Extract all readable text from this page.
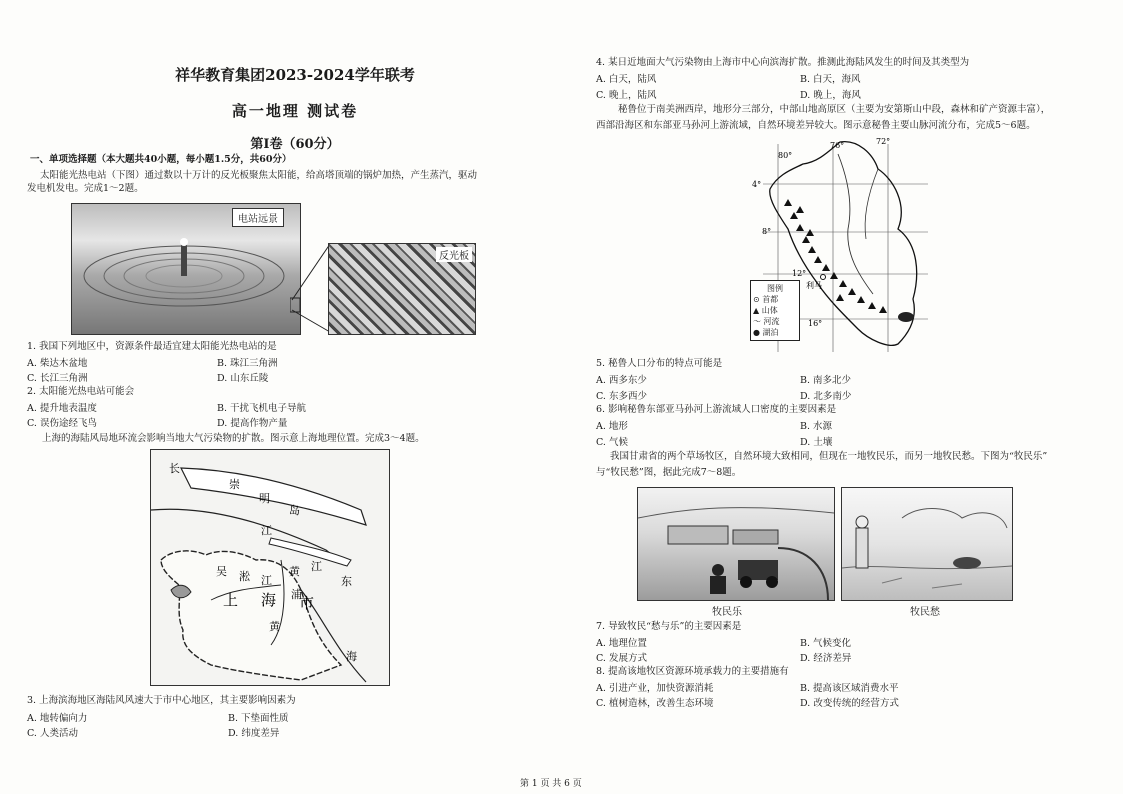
祥华教育集团2023-2024学年联考
高一地理 测试卷
第Ⅰ卷（60分）
一、单项选择题（本大题共40小题，每小题1.5分，共60分）
太阳能光热电站（下图）通过数以十万计的反光板聚焦太阳能，给高塔顶端的锅炉加热，产生蒸汽，驱动
发电机发电。完成1～2题。
电站远景
反光板
1. 我国下列地区中，资源条件最适宜建太阳能光热电站的是
A. 柴达木盆地	B. 珠江三角洲
C. 长江三角洲	D. 山东丘陵
2. 太阳能光热电站可能会
A. 提升地表温度	B. 干扰飞机电子导航
C. 误伤途经飞鸟	D. 提高作物产量
上海的海陆风局地环流会影响当地大气污染物的扩散。图示意上海地理位置。完成3～4题。
长
崇
明
岛
江
吴 淞 江
江
东
黄
浦
上 海 市
黄
海
3. 上海滨海地区海陆风风速大于市中心地区，其主要影响因素为
A. 地转偏向力	B. 下垫面性质
C. 人类活动	D. 纬度差异
4. 某日近地面大气污染物由上海市中心向滨海扩散。推测此海陆风发生的时间及其类型为
A. 白天，陆风	B. 白天，海风
C. 晚上，陆风	D. 晚上，海风
秘鲁位于南美洲西岸，地形分三部分，中部山地高原区（主要为安第斯山中段，森林和矿产资源丰富），
西部沿海区和东部亚马孙河上游流域，自然环境差异较大。图示意秘鲁主要山脉河流分布，完成5～6题。
80°
76°	72°
4°
8°
12°
16°
利马
图例
⊙ 首都
▲ 山体
〜 河流
● 湖泊
5. 秘鲁人口分布的特点可能是
A. 西多东少	B. 南多北少
C. 东多西少	D. 北多南少
6. 影响秘鲁东部亚马孙河上游流域人口密度的主要因素是
A. 地形	B. 水源
C. 气候	D. 土壤
我国甘肃省的两个草场牧区，自然环境大致相同，但现在一地牧民乐，而另一地牧民愁。下图为“牧民乐”
与“牧民愁”图，据此完成7～8题。
牧民乐	牧民愁
7. 导致牧民“愁与乐”的主要因素是
A. 地理位置	B. 气候变化
C. 发展方式	D. 经济差异
8. 提高该地牧区资源环境承载力的主要措施有
A. 引进产业，加快资源消耗	B. 提高该区域消费水平
C. 植树造林，改善生态环境	D. 改变传统的经营方式
第 1 页 共 6 页
